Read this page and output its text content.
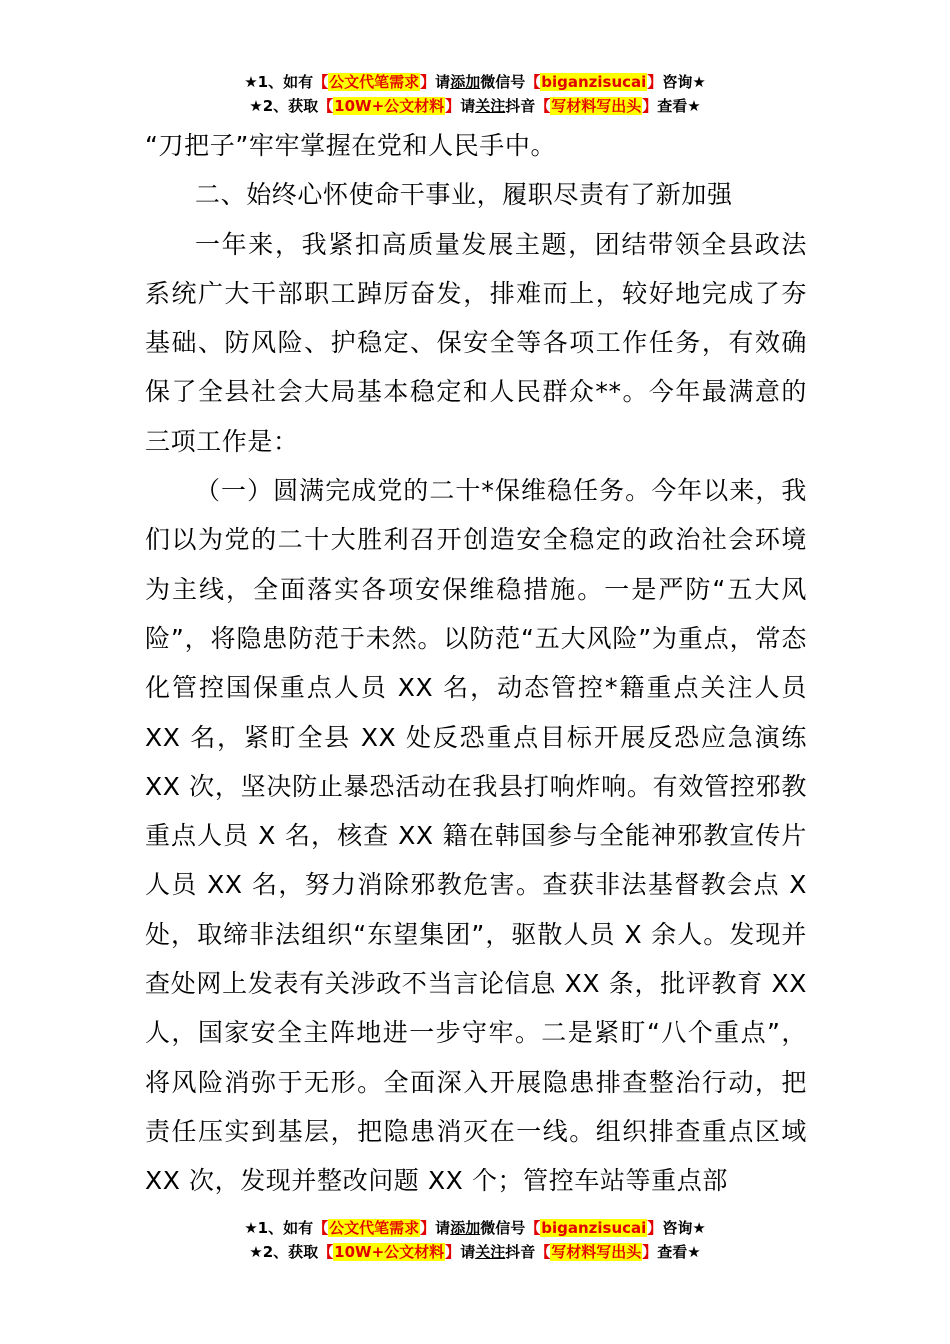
★1、如有【公文代笔需求】请添加微信号【biganzisucai】咨询★
★2、获取【10W+公文材料】请关注抖音【写材料写出头】查看★

“刀把子”牢牢掌握在党和人民手中。

二、始终心怀使命干事业，履职尽责有了新加强

一年来，我紧扣高质量发展主题，团结带领全县政法系统广大干部职工踔厉奋发，排难而上，较好地完成了夯基础、防风险、护稳定、保安全等各项工作任务，有效确保了全县社会大局基本稳定和人民群众**。今年最满意的三项工作是：

（一）圆满完成党的二十*保维稳任务。今年以来，我们以为党的二十大胜利召开创造安全稳定的政治社会环境为主线，全面落实各项安保维稳措施。一是严防“五大风险”，将隐患防范于未然。以防范“五大风险”为重点，常态化管控国保重点人员 XX 名，动态管控*籍重点关注人员 XX 名，紧盯全县 XX 处反恐重点目标开展反恐应急演练 XX 次，坚决防止暴恐活动在我县打响炸响。有效管控邪教重点人员 X 名，核查 XX 籍在韩国参与全能神邪教宣传片人员 XX 名，努力消除邪教危害。查获非法基督教会点 X 处，取缔非法组织“东望集团”，驱散人员 X 余人。发现并查处网上发表有关涉政不当言论信息 XX 条，批评教育 XX 人，国家安全主阵地进一步守牢。二是紧盯“八个重点”，将风险消弥于无形。全面深入开展隐患排查整治行动，把责任压实到基层，把隐患消灭在一线。组织排查重点区域 XX 次，发现并整改问题 XX 个；管控车站等重点部

★1、如有【公文代笔需求】请添加微信号【biganzisucai】咨询★
★2、获取【10W+公文材料】请关注抖音【写材料写出头】查看★
